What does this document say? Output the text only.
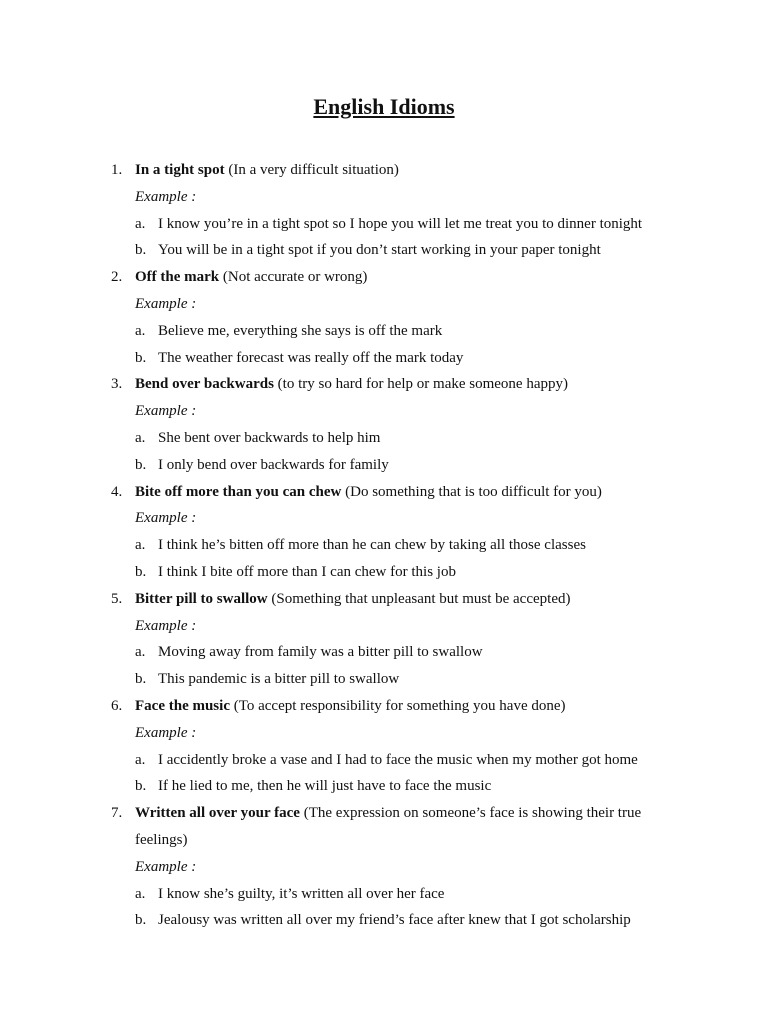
English Idioms
1. In a tight spot (In a very difficult situation)
Example :
a. I know you’re in a tight spot so I hope you will let me treat you to dinner tonight
b. You will be in a tight spot if you don’t start working in your paper tonight
2. Off the mark (Not accurate or wrong)
Example :
a. Believe me, everything she says is off the mark
b. The weather forecast was really off the mark today
3. Bend over backwards (to try so hard for help or make someone happy)
Example :
a. She bent over backwards to help him
b. I only bend over backwards for family
4. Bite off more than you can chew (Do something that is too difficult for you)
Example :
a. I think he’s bitten off more than he can chew by taking all those classes
b. I think I bite off more than I can chew for this job
5. Bitter pill to swallow (Something that unpleasant but must be accepted)
Example :
a. Moving away from family was a bitter pill to swallow
b. This pandemic is a bitter pill to swallow
6. Face the music (To accept responsibility for something you have done)
Example :
a. I accidently broke a vase and I had to face the music when my mother got home
b. If he lied to me, then he will just have to face the music
7. Written all over your face (The expression on someone’s face is showing their true
feelings)
Example :
a. I know she’s guilty, it’s written all over her face
b. Jealousy was written all over my friend’s face after knew that I got scholarship
